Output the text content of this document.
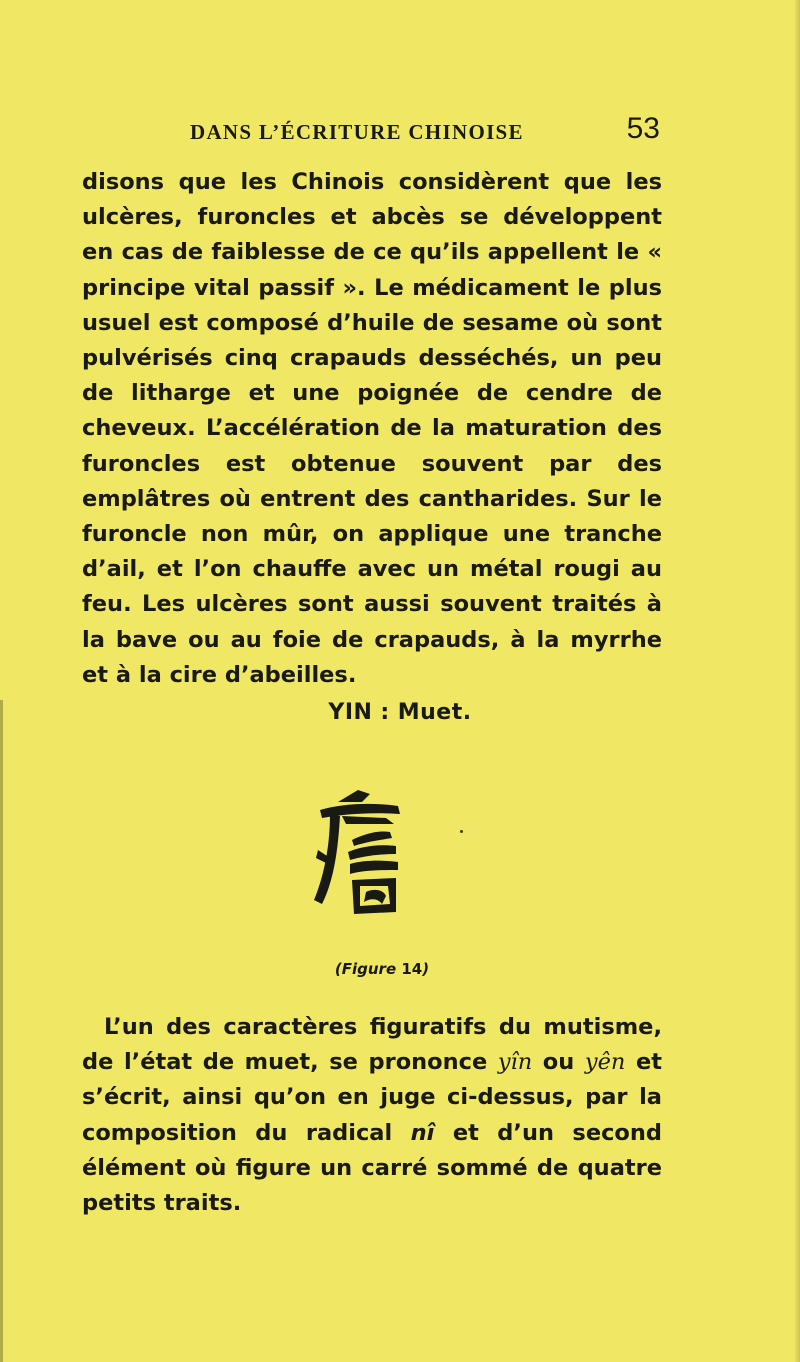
DANS L’ÉCRITURE CHINOISE	53

disons que les Chinois considèrent que les ulcères, furoncles et abcès se développent en cas de faiblesse de ce qu’ils appellent le « principe vital passif ». Le médicament le plus usuel est composé d’huile de sesame où sont pulvérisés cinq crapauds desséchés, un peu de litharge et une poignée de cendre de cheveux. L’accélération de la maturation des furoncles est obtenue souvent par des emplâtres où entrent des cantharides. Sur le furoncle non mûr, on applique une tranche d’ail, et l’on chauffe avec un métal rougi au feu. Les ulcères sont aussi souvent traités à la bave ou au foie de crapauds, à la myrrhe et à la cire d’abeilles.

YIN : Muet.
(Figure 14)

L’un des caractères figuratifs du mutisme, de l’état de muet, se prononce yîn ou yên et s’écrit, ainsi qu’on en juge ci-dessus, par la composition du radical nî et d’un second élément où figure un carré sommé de quatre petits traits.
